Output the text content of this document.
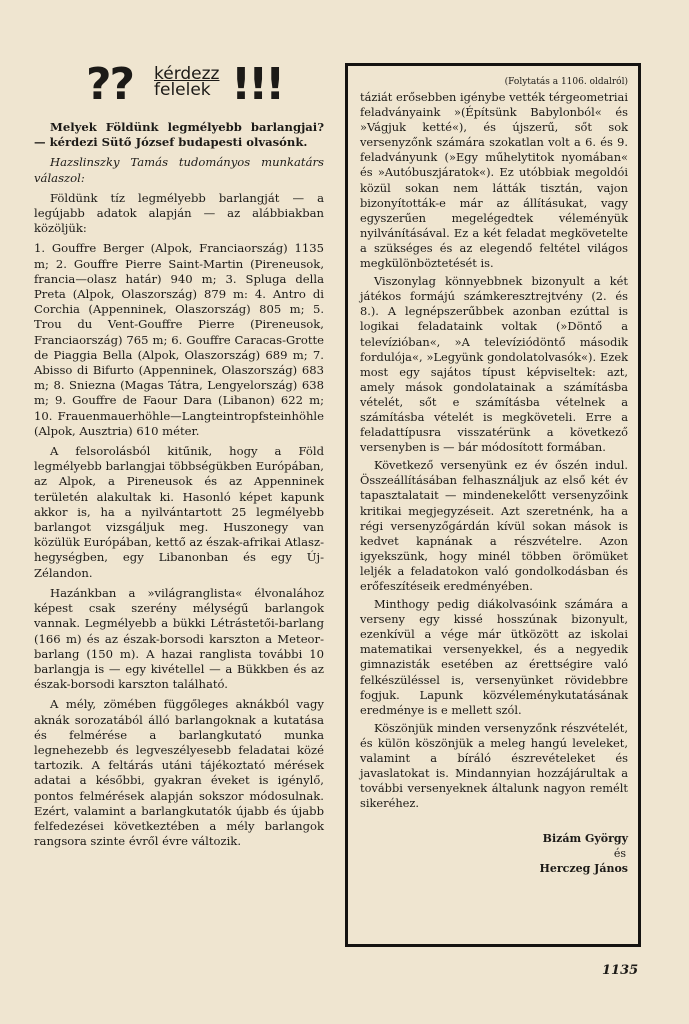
?? kérdezz
felelek !!!

Melyek Földünk legmélyebb barlangjai? — kérdezi Sütő József budapesti olvasónk.

Hazslinszky Tamás tudományos munkatárs válaszol:

Földünk tíz legmélyebb barlangját — a legújabb adatok alapján — az alábbiakban közöljük:

1. Gouffre Berger (Alpok, Franciaország) 1135 m; 2. Gouffre Pierre Saint-Martin (Pireneusok, francia—olasz határ) 940 m; 3. Spluga della Preta (Alpok, Olaszország) 879 m: 4. Antro di Corchia (Appenninek, Olaszország) 805 m; 5. Trou du Vent-Gouffre Pierre (Pireneusok, Franciaország) 765 m; 6. Gouffre Caracas-Grotte de Piaggia Bella (Alpok, Olaszország) 689 m; 7. Abisso di Bifurto (Appenninek, Olaszország) 683 m; 8. Sniezna (Magas Tátra, Lengyelország) 638 m; 9. Gouffre de Faour Dara (Libanon) 622 m; 10. Frauenmauerhöhle—Langteintropfsteinhöhle (Alpok, Ausztria) 610 méter.

A felsorolásból kitűnik, hogy a Föld legmélyebb barlangjai többségükben Európában, az Alpok, a Pireneusok és az Appenninek területén alakultak ki. Hasonló képet kapunk akkor is, ha a nyilvántartott 25 legmélyebb barlangot vizsgáljuk meg. Huszonegy van közülük Európában, kettő az észak-afrikai Atlasz-hegységben, egy Libanonban és egy Új-Zélandon.

Hazánkban a »világranglista« élvonalához képest csak szerény mélységű barlangok vannak. Legmélyebb a bükki Létrástetői-barlang (166 m) és az észak-borsodi karszton a Meteor-barlang (150 m). A hazai ranglista további 10 barlangja is — egy kivétellel — a Bükkben és az észak-borsodi karszton található.

A mély, zömében függőleges aknákból vagy aknák sorozatából álló barlangoknak a kutatása és felmérése a barlangkutató munka legnehezebb és legveszélyesebb feladatai közé tartozik. A feltárás utáni tájékoztató mérések adatai a későbbi, gyakran éveket is igénylő, pontos felmérések alapján sokszor módosulnak. Ezért, valamint a barlangkutatók újabb és újabb felfedezései következtében a mély barlangok rangsora szinte évről évre változik.

(Folytatás a 1106. oldalról)

táziát erősebben igénybe vették térgeometriai feladványaink »(Építsünk Babylonból« és »Vágjuk ketté«), és újszerű, sőt sok versenyzőnk számára szokatlan volt a 6. és 9. feladványunk (»Egy műhelytitok nyomában« és »Autóbuszjáratok«). Ez utóbbiak megoldói közül sokan nem látták tisztán, vajon bizonyították-e már az állításukat, vagy egyszerűen megelégedtek véleményük nyilvánításával. Ez a két feladat megkövetelte a szükséges és az elegendő feltétel világos megkülönböztetését is.

Viszonylag könnyebbnek bizonyult a két játékos formájú számkeresztrejtvény (2. és 8.). A legnépszerűbbek azonban ezúttal is logikai feladataink voltak (»Döntő a televízióban«, »A televíziódöntő második fordulója«, »Legyünk gondolatolvasók«). Ezek most egy sajátos típust képviseltek: azt, amely mások gondolatainak a számításba vételét, sőt e számításba vételnek a számításba vételét is megköveteli. Erre a feladattípusra visszatérünk a következő versenyben is — bár módosított formában.

Következő versenyünk ez év őszén indul. Összeállításában felhasználjuk az első két év tapasztalatait — mindenekelőtt versenyzőink kritikai megjegyzéseit. Azt szeretnénk, ha a régi versenyzőgárdán kívül sokan mások is kedvet kapnának a részvételre. Azon igyekszünk, hogy minél többen örömüket leljék a feladatokon való gondolkodásban és erőfeszítéseik eredményében.

Minthogy pedig diákolvasóink számára a verseny egy kissé hosszúnak bizonyult, ezenkívül a vége már ütközött az iskolai matematikai versenyekkel, és a negyedik gimnazisták esetében az érettségire való felkészüléssel is, versenyünket rövidebbre fogjuk. Lapunk közvéleménykutatásának eredménye is e mellett szól.

Köszönjük minden versenyzőnk részvételét, és külön köszönjük a meleg hangú leveleket, valamint a bíráló észrevételeket és javaslatokat is. Mindannyian hozzájárultak a további versenyeknek általunk nagyon remélt sikeréhez.

Bizám György
és
Herczeg János
1135
